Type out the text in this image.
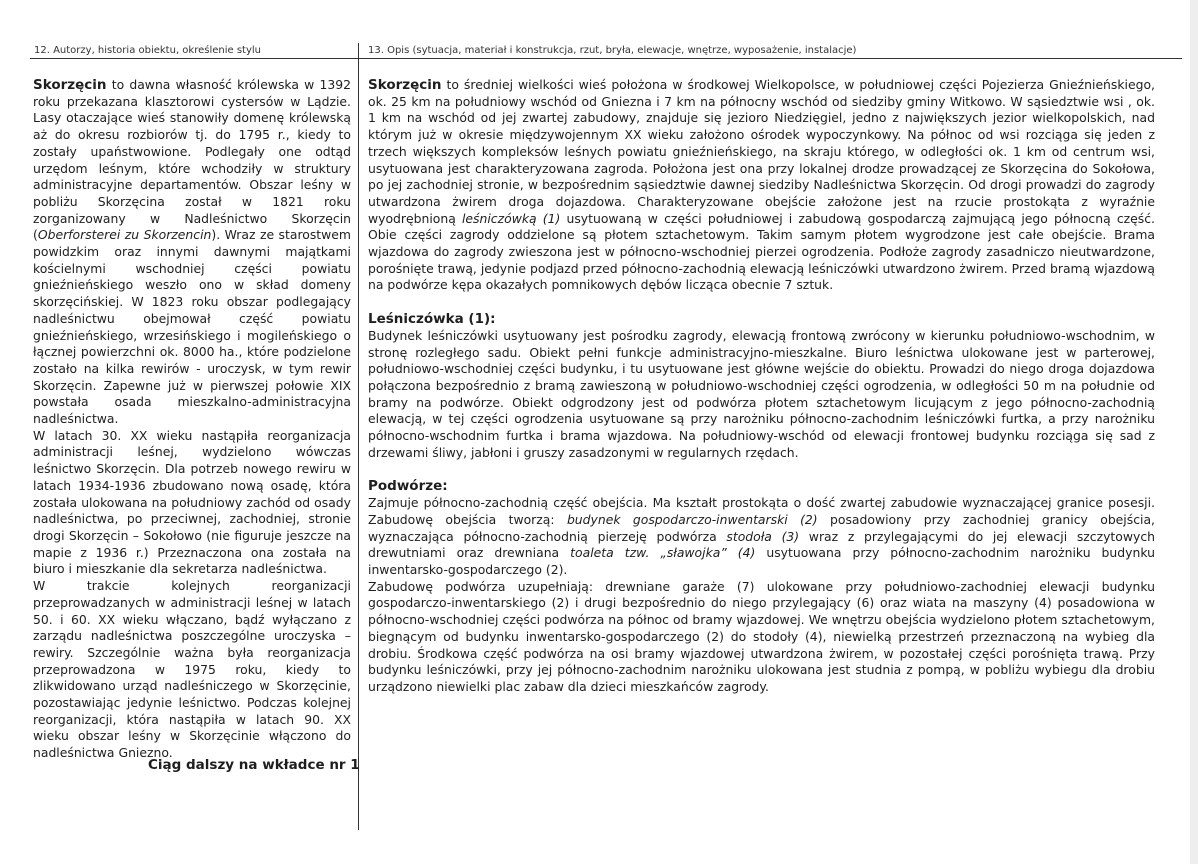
12. Autorzy, historia obiektu, określenie stylu	13. Opis (sytuacja, materiał i konstrukcja, rzut, bryła, elewacje, wnętrze, wyposażenie, instalacje)

Skorzęcin to dawna własność królewska w 1392 roku przekazana klasztorowi cystersów w Lądzie. Lasy otaczające wieś stanowiły domenę królewską aż do okresu rozbiorów tj. do 1795 r., kiedy to zostały upaństwowione. Podlegały one odtąd urzędom leśnym, które wchodziły w struktury administracyjne departamentów. Obszar leśny w pobliżu Skorzęcina został w 1821 roku zorganizowany w Nadleśnictwo Skorzęcin (Oberforsterei zu Skorzencin). Wraz ze starostwem powidzkim oraz innymi dawnymi majątkami kościelnymi wschodniej części powiatu gnieźnieńskiego weszło ono w skład domeny skorzęcińskiej. W 1823 roku obszar podlegający nadleśnictwu obejmował część powiatu gnieźnieńskiego, wrzesińskiego i mogileńskiego o łącznej powierzchni ok. 8000 ha., które podzielone zostało na kilka rewirów - uroczysk, w tym rewir Skorzęcin. Zapewne już w pierwszej połowie XIX powstała osada mieszkalno-administracyjna nadleśnictwa.

W latach 30. XX wieku nastąpiła reorganizacja administracji leśnej, wydzielono wówczas leśnictwo Skorzęcin. Dla potrzeb nowego rewiru w latach 1934-1936 zbudowano nową osadę, która została ulokowana na południowy zachód od osady nadleśnictwa, po przeciwnej, zachodniej, stronie drogi Skorzęcin – Sokołowo (nie figuruje jeszcze na mapie z 1936 r.) Przeznaczona ona została na biuro i mieszkanie dla sekretarza nadleśnictwa.

W trakcie kolejnych reorganizacji przeprowadzanych w administracji leśnej w latach 50. i 60. XX wieku włączano, bądź wyłączano z zarządu nadleśnictwa poszczególne uroczyska – rewiry. Szczególnie ważna była reorganizacja przeprowadzona w 1975 roku, kiedy to zlikwidowano urząd nadleśniczego w Skorzęcinie, pozostawiając jedynie leśnictwo. Podczas kolejnej reorganizacji, która nastąpiła w latach 90. XX wieku obszar leśny w Skorzęcinie włączono do nadleśnictwa Gniezno.

Ciąg dalszy na wkładce nr 1

Skorzęcin to średniej wielkości wieś położona w środkowej Wielkopolsce, w południowej części Pojezierza Gnieźnieńskiego, ok. 25 km na południowy wschód od Gniezna i 7 km na północny wschód od siedziby gminy Witkowo. W sąsiedztwie wsi , ok. 1 km na wschód od jej zwartej zabudowy, znajduje się jezioro Niedzięgiel, jedno z największych jezior wielkopolskich, nad którym już w okresie międzywojennym XX wieku założono ośrodek wypoczynkowy. Na północ od wsi rozciąga się jeden z trzech większych kompleksów leśnych powiatu gnieźnieńskiego, na skraju którego, w odległości ok. 1 km od centrum wsi, usytuowana jest charakteryzowana zagroda. Położona jest ona przy lokalnej drodze prowadzącej ze Skorzęcina do Sokołowa, po jej zachodniej stronie, w bezpośrednim sąsiedztwie dawnej siedziby Nadleśnictwa Skorzęcin. Od drogi prowadzi do zagrody utwardzona żwirem droga dojazdowa. Charakteryzowane obejście założone jest na rzucie prostokąta z wyraźnie wyodrębnioną leśniczówką (1) usytuowaną w części południowej i zabudową gospodarczą zajmującą jego północną część. Obie części zagrody oddzielone są płotem sztachetowym. Takim samym płotem wygrodzone jest całe obejście. Brama wjazdowa do zagrody zwieszona jest w północno-wschodniej pierzei ogrodzenia. Podłoże zagrody zasadniczo nieutwardzone, porośnięte trawą, jedynie podjazd przed północno-zachodnią elewacją leśniczówki utwardzono żwirem. Przed bramą wjazdową na podwórze kępa okazałych pomnikowych dębów licząca obecnie 7 sztuk.

Leśniczówka (1):
Budynek leśniczówki usytuowany jest pośrodku zagrody, elewacją frontową zwrócony w kierunku południowo-wschodnim, w stronę rozległego sadu. Obiekt pełni funkcje administracyjno-mieszkalne. Biuro leśnictwa ulokowane jest w parterowej, południowo-wschodniej części budynku, i tu usytuowane jest główne wejście do obiektu. Prowadzi do niego droga dojazdowa połączona bezpośrednio z bramą zawieszoną w południowo-wschodniej części ogrodzenia, w odległości 50 m na południe od bramy na podwórze. Obiekt odgrodzony jest od podwórza płotem sztachetowym licującym z jego północno-zachodnią elewacją, w tej części ogrodzenia usytuowane są przy narożniku północno-zachodnim leśniczówki furtka, a przy narożniku północno-wschodnim furtka i brama wjazdowa. Na południowy-wschód od elewacji frontowej budynku rozciąga się sad z drzewami śliwy, jabłoni i gruszy zasadzonymi w regularnych rzędach.

Podwórze:
Zajmuje północno-zachodnią część obejścia. Ma kształt prostokąta o dość zwartej zabudowie wyznaczającej granice posesji. Zabudowę obejścia tworzą: budynek gospodarczo-inwentarski (2) posadowiony przy zachodniej granicy obejścia, wyznaczająca północno-zachodnią pierzeję podwórza stodoła (3) wraz z przylegającymi do jej elewacji szczytowych drewutniami oraz drewniana toaleta tzw. „sławojka” (4) usytuowana przy północno-zachodnim narożniku budynku inwentarsko-gospodarczego (2).

Zabudowę podwórza uzupełniają: drewniane garaże (7) ulokowane przy południowo-zachodniej elewacji budynku gospodarczo-inwentarskiego (2) i drugi bezpośrednio do niego przylegający (6) oraz wiata na maszyny (4) posadowiona w północno-wschodniej części podwórza na północ od bramy wjazdowej. We wnętrzu obejścia wydzielono płotem sztachetowym, biegnącym od budynku inwentarsko-gospodarczego (2) do stodoły (4), niewielką przestrzeń przeznaczoną na wybieg dla drobiu. Środkowa część podwórza na osi bramy wjazdowej utwardzona żwirem, w pozostałej części porośnięta trawą. Przy budynku leśniczówki, przy jej północno-zachodnim narożniku ulokowana jest studnia z pompą, w pobliżu wybiegu dla drobiu urządzono niewielki plac zabaw dla dzieci mieszkańców zagrody.
